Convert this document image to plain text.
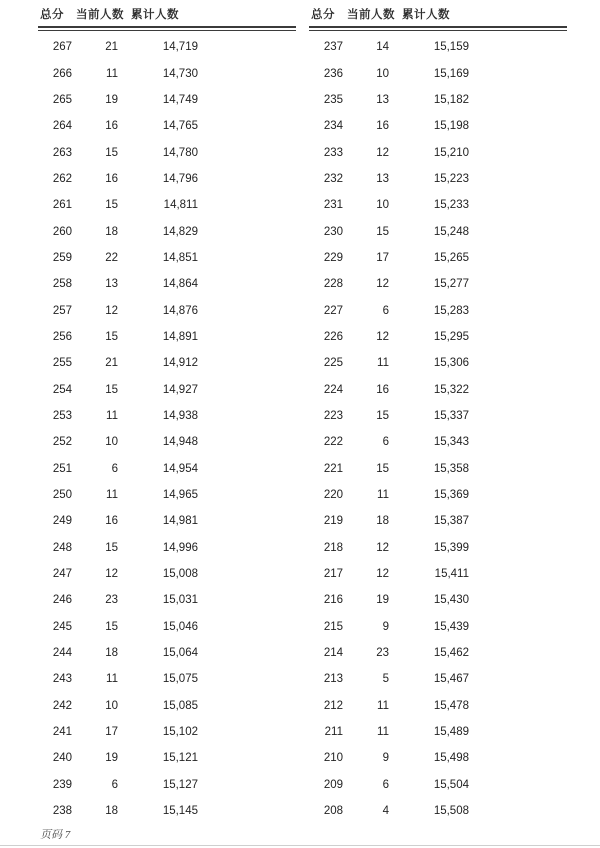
总分 当前人数 累计人数
267	21	14,719
266	11	14,730
265	19	14,749
264	16	14,765
263	15	14,780
262	16	14,796
261	15	14,811
260	18	14,829
259	22	14,851
258	13	14,864
257	12	14,876
256	15	14,891
255	21	14,912
254	15	14,927
253	11	14,938
252	10	14,948
251	6	14,954
250	11	14,965
249	16	14,981
248	15	14,996
247	12	15,008
246	23	15,031
245	15	15,046
244	18	15,064
243	11	15,075
242	10	15,085
241	17	15,102
240	19	15,121
239	6	15,127
238	18	15,145
总分 当前人数 累计人数
237	14	15,159
236	10	15,169
235	13	15,182
234	16	15,198
233	12	15,210
232	13	15,223
231	10	15,233
230	15	15,248
229	17	15,265
228	12	15,277
227	6	15,283
226	12	15,295
225	11	15,306
224	16	15,322
223	15	15,337
222	6	15,343
221	15	15,358
220	11	15,369
219	18	15,387
218	12	15,399
217	12	15,411
216	19	15,430
215	9	15,439
214	23	15,462
213	5	15,467
212	11	15,478
211	11	15,489
210	9	15,498
209	6	15,504
208	4	15,508
页码 7
